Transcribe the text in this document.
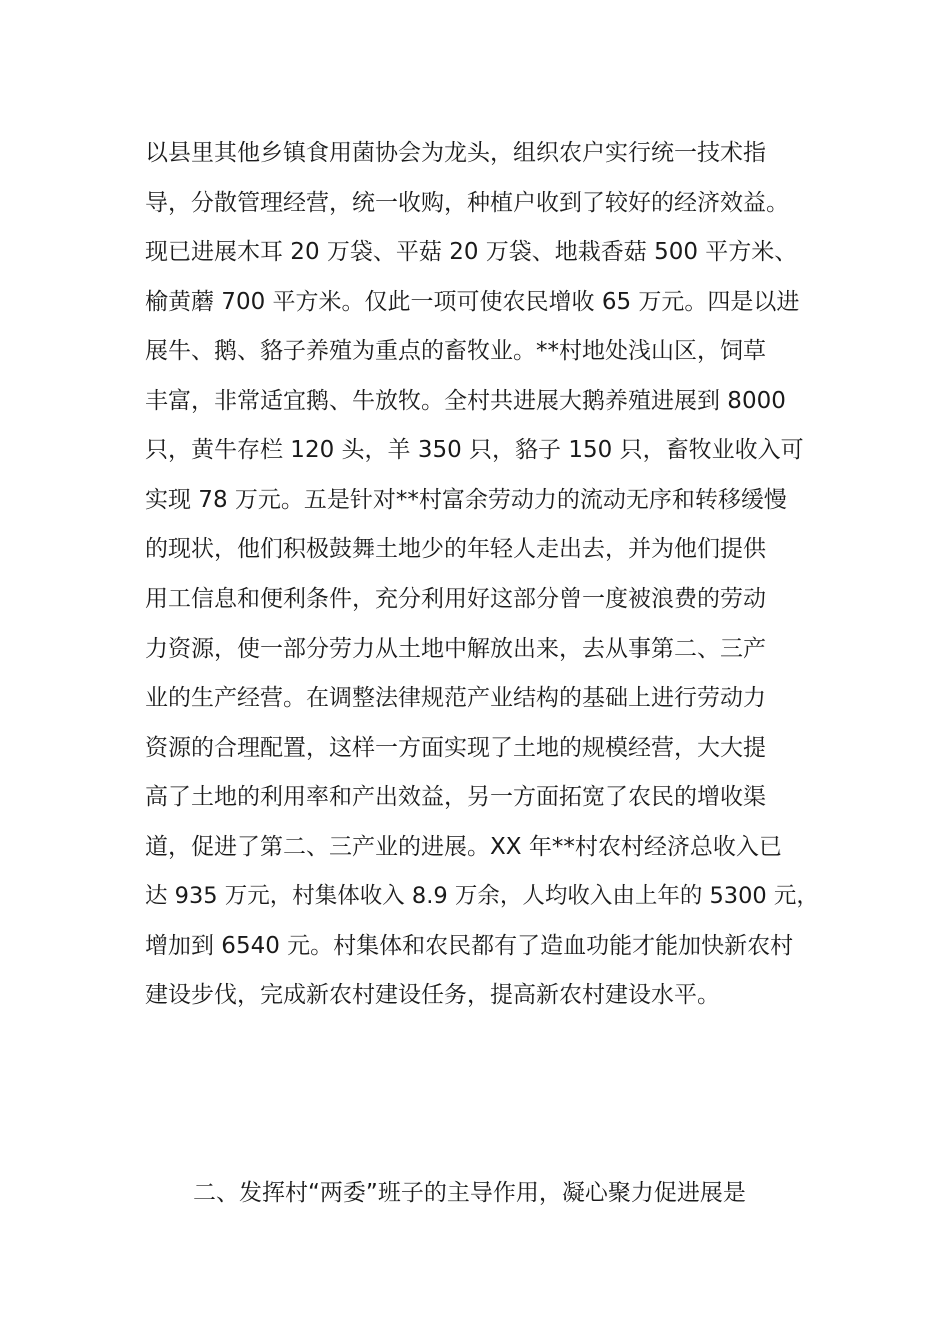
以县里其他乡镇食用菌协会为龙头，组织农户实行统一技术指
导，分散管理经营，统一收购，种植户收到了较好的经济效益。
现已进展木耳 20 万袋、平菇 20 万袋、地栽香菇 500 平方米、
榆黄蘑 700 平方米。仅此一项可使农民增收 65 万元。四是以进
展牛、鹅、貉子养殖为重点的畜牧业。**村地处浅山区，饲草
丰富，非常适宜鹅、牛放牧。全村共进展大鹅养殖进展到 8000
只，黄牛存栏 120 头，羊 350 只，貉子 150 只，畜牧业收入可
实现 78 万元。五是针对**村富余劳动力的流动无序和转移缓慢
的现状，他们积极鼓舞土地少的年轻人走出去，并为他们提供
用工信息和便利条件，充分利用好这部分曾一度被浪费的劳动
力资源，使一部分劳力从土地中解放出来，去从事第二、三产
业的生产经营。在调整法律规范产业结构的基础上进行劳动力
资源的合理配置，这样一方面实现了土地的规模经营，大大提
高了土地的利用率和产出效益，另一方面拓宽了农民的增收渠
道，促进了第二、三产业的进展。XX 年**村农村经济总收入已
达 935 万元，村集体收入 8.9 万余，人均收入由上年的 5300 元，
增加到 6540 元。村集体和农民都有了造血功能才能加快新农村
建设步伐，完成新农村建设任务，提高新农村建设水平。
二、发挥村“两委”班子的主导作用，凝心聚力促进展是
